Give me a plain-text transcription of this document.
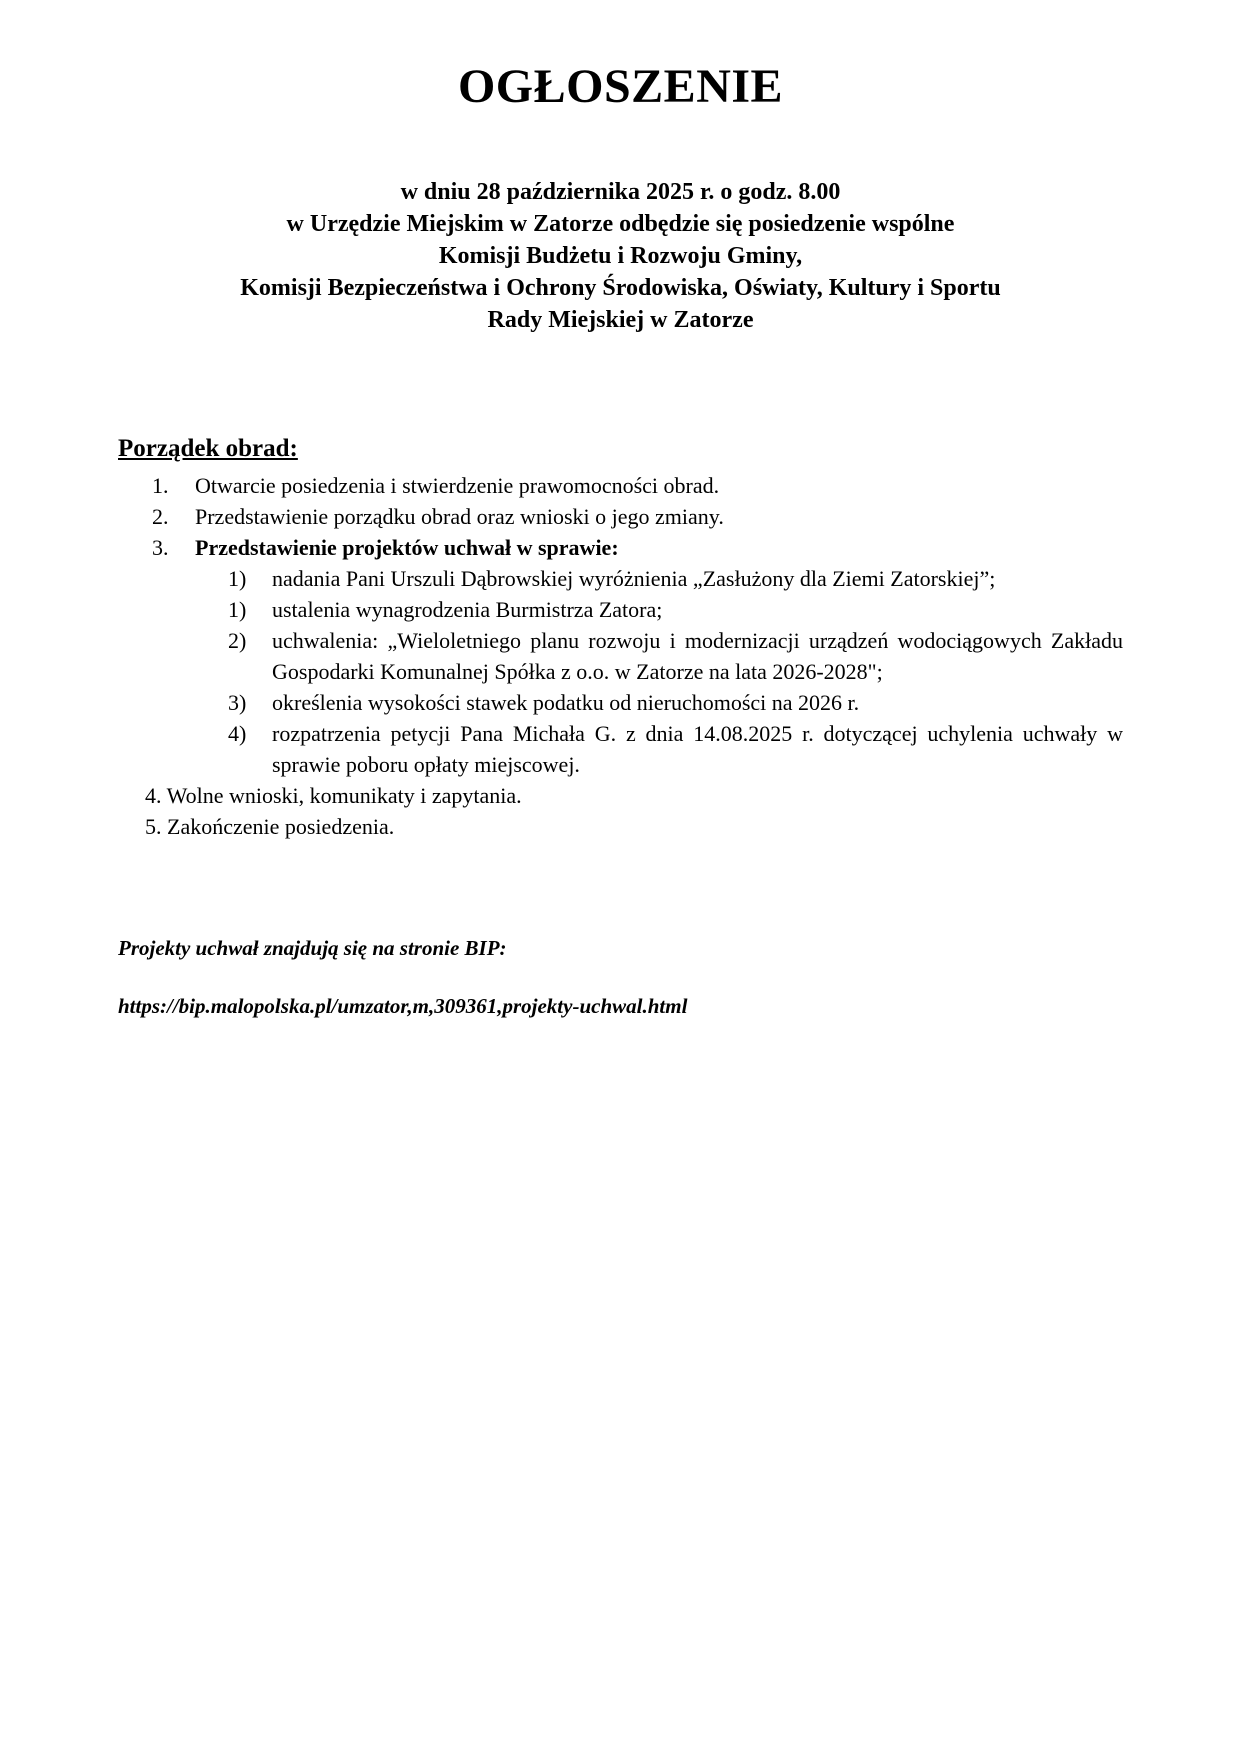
OGŁOSZENIE

w dniu 28 października 2025 r. o godz. 8.00

w Urzędzie Miejskim w Zatorze odbędzie się posiedzenie wspólne

Komisji Budżetu i Rozwoju Gminy,

Komisji Bezpieczeństwa i Ochrony Środowiska, Oświaty, Kultury i Sportu

Rady Miejskiej w Zatorze

Porządek obrad:
1.	Otwarcie posiedzenia i stwierdzenie prawomocności obrad.
2.	Przedstawienie porządku obrad oraz wnioski o jego zmiany.
3.	Przedstawienie projektów uchwał w sprawie:
1)	nadania Pani Urszuli Dąbrowskiej wyróżnienia „Zasłużony dla Ziemi Zatorskiej”;
1)	ustalenia wynagrodzenia Burmistrza Zatora;
2)	uchwalenia: „Wieloletniego planu rozwoju i modernizacji urządzeń wodociągowych Zakładu Gospodarki Komunalnej Spółka z o.o. w Zatorze na lata 2026-2028";
3)	określenia wysokości stawek podatku od nieruchomości na 2026 r.
4)	rozpatrzenia petycji Pana Michała G. z dnia 14.08.2025 r. dotyczącej uchylenia uchwały w sprawie poboru opłaty miejscowej.

4. Wolne wnioski, komunikaty i zapytania.

5. Zakończenie posiedzenia.

Projekty uchwał znajdują się na stronie BIP:

https://bip.malopolska.pl/umzator,m,309361,projekty-uchwal.html
